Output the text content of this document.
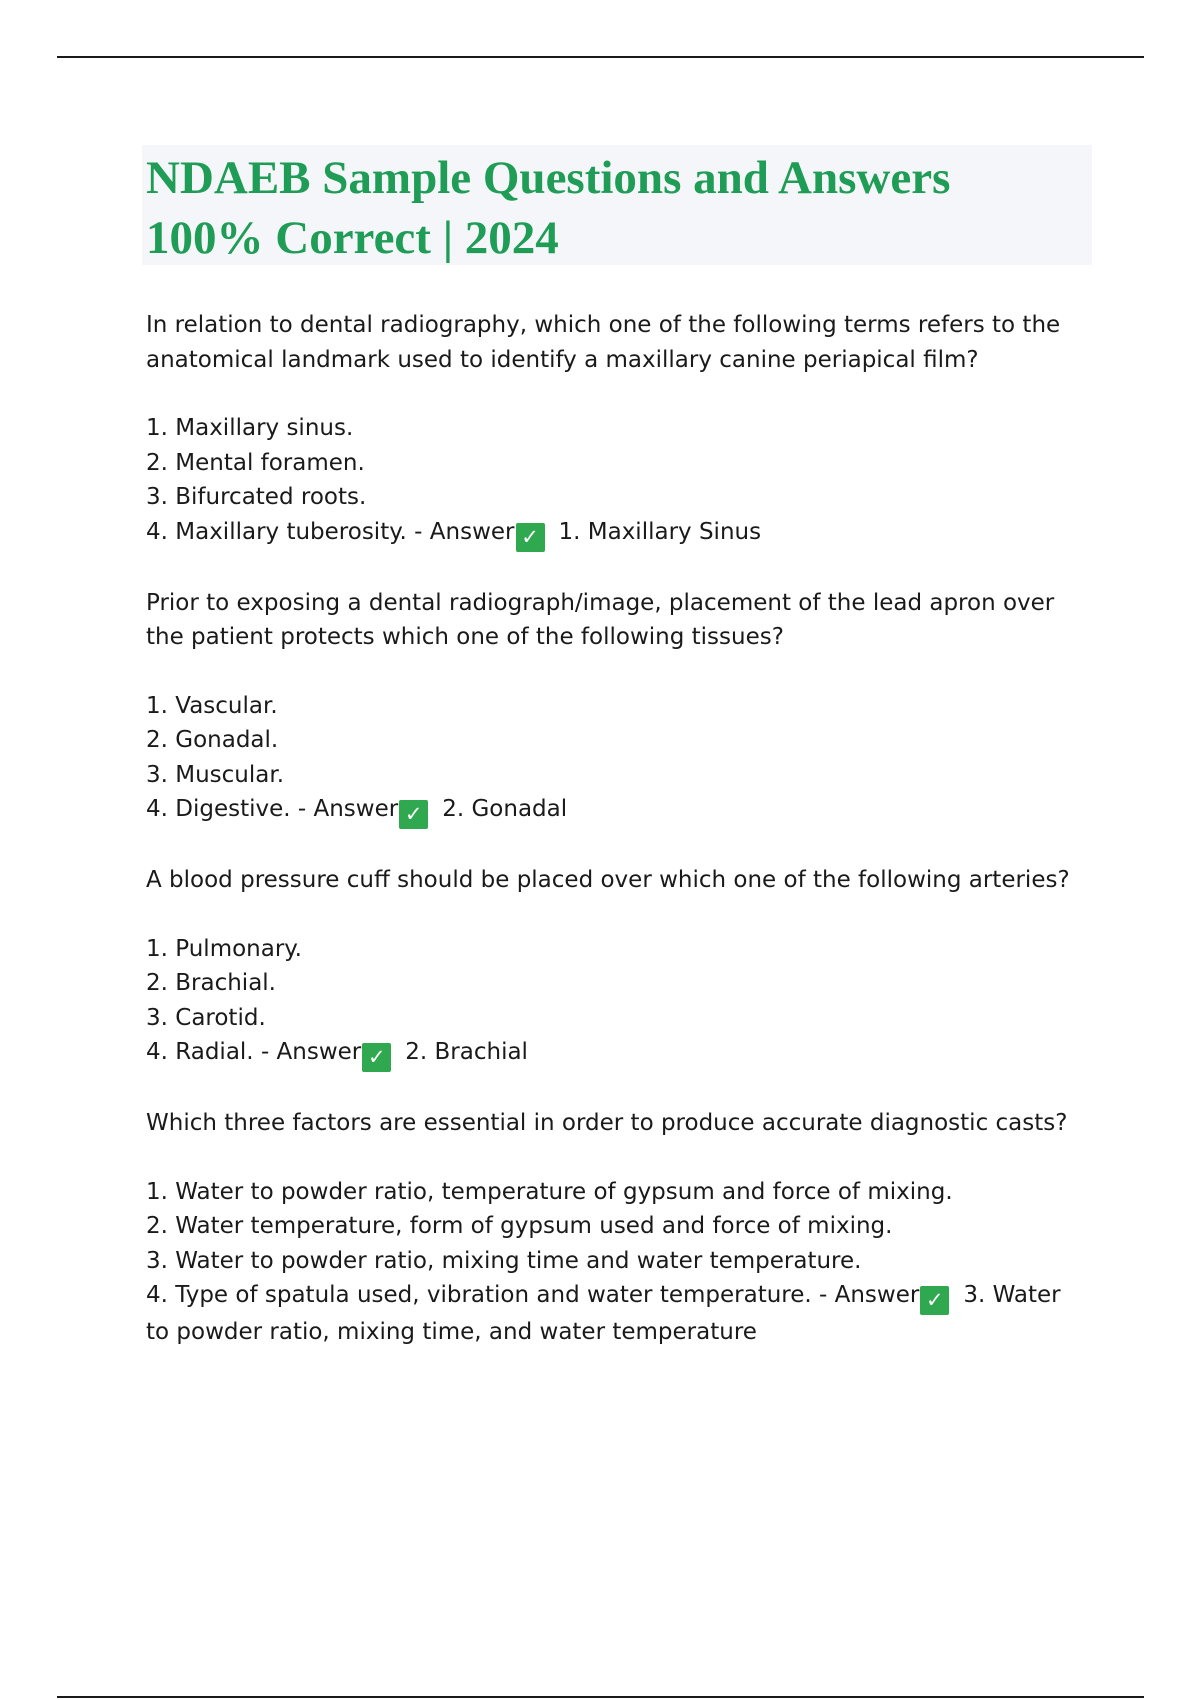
NDAEB Sample Questions and Answers 100% Correct | 2024

In relation to dental radiography, which one of the following terms refers to the anatomical landmark used to identify a maxillary canine periapical film?

1. Maxillary sinus.
2. Mental foramen.
3. Bifurcated roots.
4. Maxillary tuberosity. - Answer ✓ 1. Maxillary Sinus

Prior to exposing a dental radiograph/image, placement of the lead apron over the patient protects which one of the following tissues?

1. Vascular.
2. Gonadal.
3. Muscular.
4. Digestive. - Answer ✓ 2. Gonadal

A blood pressure cuff should be placed over which one of the following arteries?

1. Pulmonary.
2. Brachial.
3. Carotid.
4. Radial. - Answer ✓ 2. Brachial

Which three factors are essential in order to produce accurate diagnostic casts?

1. Water to powder ratio, temperature of gypsum and force of mixing.
2. Water temperature, form of gypsum used and force of mixing.
3. Water to powder ratio, mixing time and water temperature.
4. Type of spatula used, vibration and water temperature. - Answer ✓ 3. Water to powder ratio, mixing time, and water temperature
